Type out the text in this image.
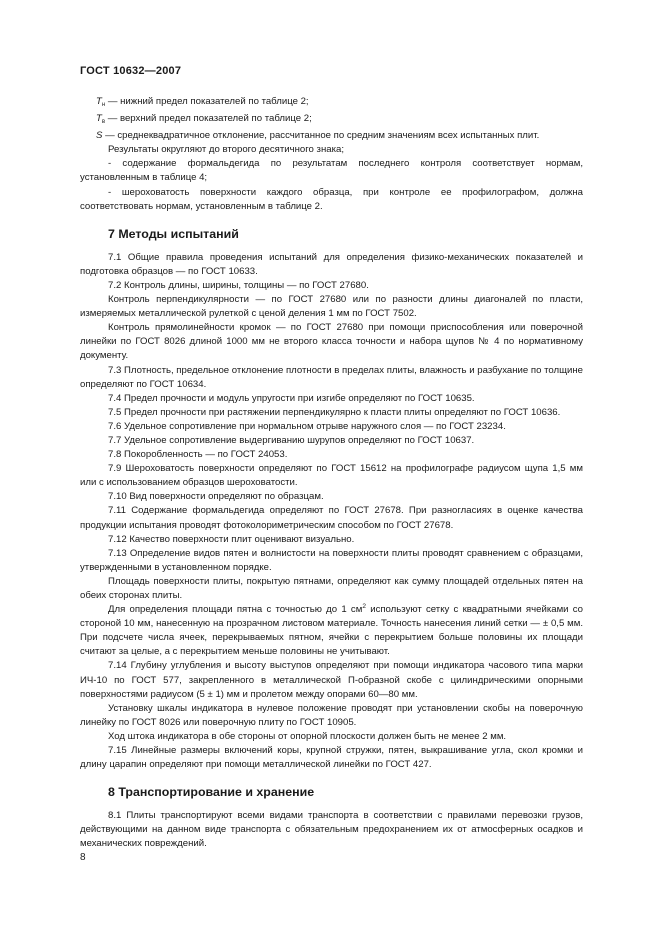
ГОСТ 10632—2007

$T_н$ — нижний предел показателей по таблице 2;

$T_в$ — верхний предел показателей по таблице 2;

S — среднеквадратичное отклонение, рассчитанное по средним значениям всех испытанных плит.

Результаты округляют до второго десятичного знака;

- содержание формальдегида по результатам последнего контроля соответствует нормам, установленным в таблице 4;

- шероховатость поверхности каждого образца, при контроле ее профилографом, должна соответствовать нормам, установленным в таблице 2.

7 Методы испытаний

7.1 Общие правила проведения испытаний для определения физико-механических показателей и подготовка образцов — по ГОСТ 10633.

7.2 Контроль длины, ширины, толщины — по ГОСТ 27680.

Контроль перпендикулярности — по ГОСТ 27680 или по разности длины диагоналей по пласти, измеряемых металлической рулеткой с ценой деления 1 мм по ГОСТ 7502.

Контроль прямолинейности кромок — по ГОСТ 27680 при помощи приспособления или поверочной линейки по ГОСТ 8026 длиной 1000 мм не второго класса точности и набора щупов № 4 по нормативному документу.

7.3 Плотность, предельное отклонение плотности в пределах плиты, влажность и разбухание по толщине определяют по ГОСТ 10634.

7.4 Предел прочности и модуль упругости при изгибе определяют по ГОСТ 10635.

7.5 Предел прочности при растяжении перпендикулярно к пласти плиты определяют по ГОСТ 10636.

7.6 Удельное сопротивление при нормальном отрыве наружного слоя — по ГОСТ 23234.

7.7 Удельное сопротивление выдергиванию шурупов определяют по ГОСТ 10637.

7.8 Покоробленность — по ГОСТ 24053.

7.9 Шероховатость поверхности определяют по ГОСТ 15612 на профилографе радиусом щупа 1,5 мм или с использованием образцов шероховатости.

7.10 Вид поверхности определяют по образцам.

7.11 Содержание формальдегида определяют по ГОСТ 27678. При разногласиях в оценке качества продукции испытания проводят фотоколориметрическим способом по ГОСТ 27678.

7.12 Качество поверхности плит оценивают визуально.

7.13 Определение видов пятен и волнистости на поверхности плиты проводят сравнением с образцами, утвержденными в установленном порядке.

Площадь поверхности плиты, покрытую пятнами, определяют как сумму площадей отдельных пятен на обеих сторонах плиты.

Для определения площади пятна с точностью до 1 $см^2$ используют сетку с квадратными ячейками со стороной 10 мм, нанесенную на прозрачном листовом материале. Точность нанесения линий сетки — ± 0,5 мм. При подсчете числа ячеек, перекрываемых пятном, ячейки с перекрытием больше половины их площади считают за целые, а с перекрытием меньше половины не учитывают.

7.14 Глубину углубления и высоту выступов определяют при помощи индикатора часового типа марки ИЧ-10 по ГОСТ 577, закрепленного в металлической П-образной скобе с цилиндрическими опорными поверхностями радиусом (5 ± 1) мм и пролетом между опорами 60—80 мм.

Установку шкалы индикатора в нулевое положение проводят при установлении скобы на поверочную линейку по ГОСТ 8026 или поверочную плиту по ГОСТ 10905.

Ход штока индикатора в обе стороны от опорной плоскости должен быть не менее 2 мм.

7.15 Линейные размеры включений коры, крупной стружки, пятен, выкрашивание угла, скол кромки и длину царапин определяют при помощи металлической линейки по ГОСТ 427.

8 Транспортирование и хранение

8.1 Плиты транспортируют всеми видами транспорта в соответствии с правилами перевозки грузов, действующими на данном виде транспорта с обязательным предохранением их от атмосферных осадков и механических повреждений.

8
